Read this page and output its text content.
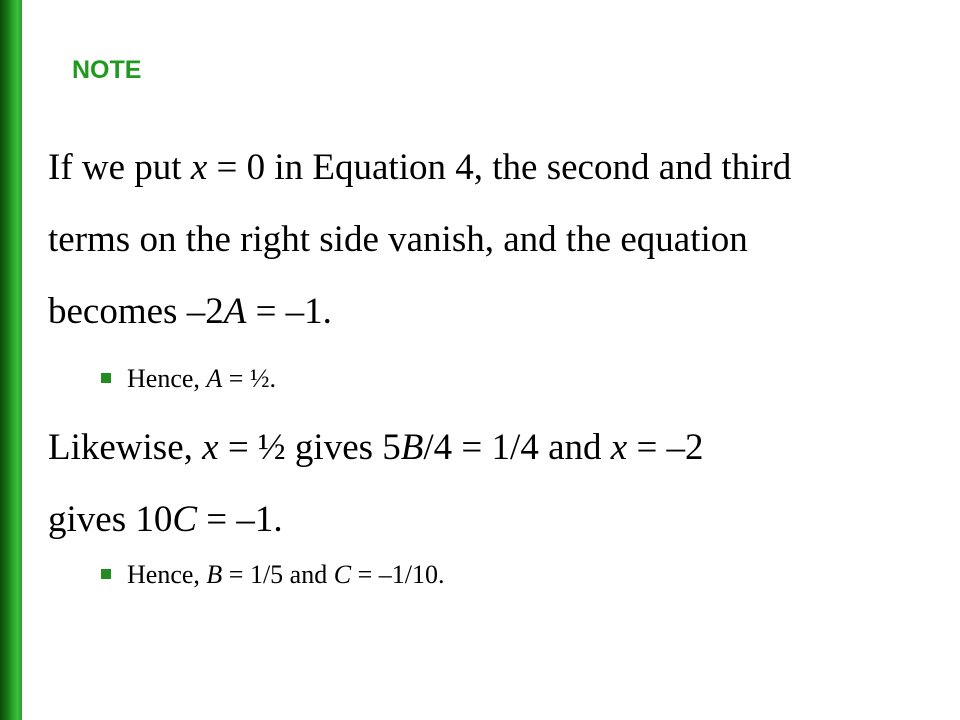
NOTE
If we put x = 0 in Equation 4, the second and third
terms on the right side vanish, and the equation
becomes –2A = –1.
Hence, A = ½.
Likewise, x = ½ gives 5B/4 = 1/4 and x = –2
gives 10C = –1.
Hence, B = 1/5 and C = –1/10.
